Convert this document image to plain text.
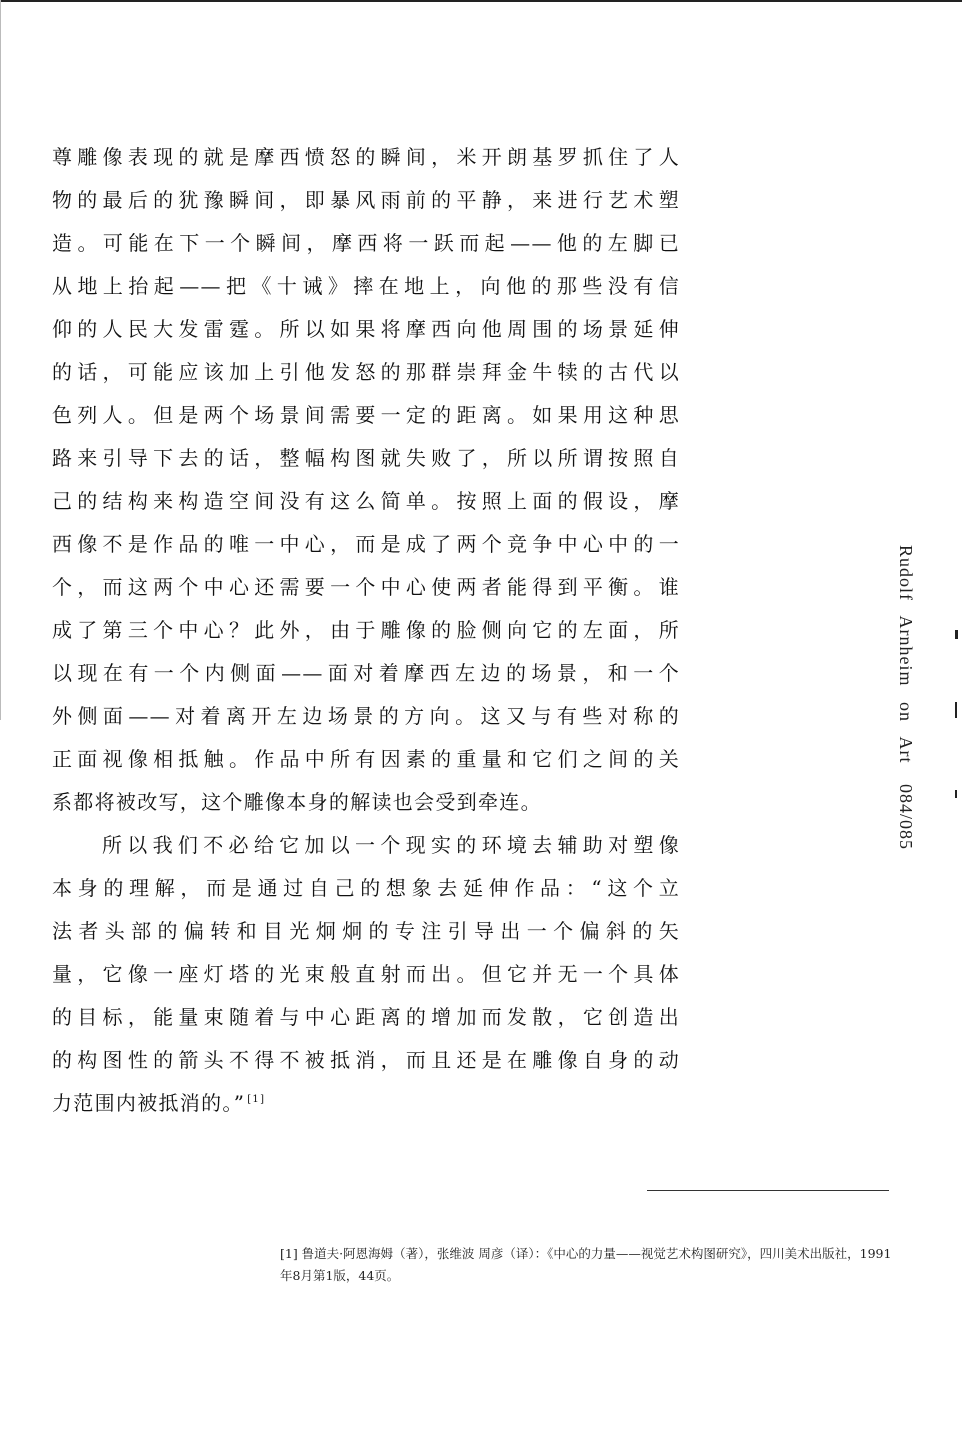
尊雕像表现的就是摩西愤怒的瞬间，米开朗基罗抓住了人
物的最后的犹豫瞬间，即暴风雨前的平静，来进行艺术塑
造。可能在下一个瞬间，摩西将一跃而起——他的左脚已
从地上抬起——把《十诫》摔在地上，向他的那些没有信
仰的人民大发雷霆。所以如果将摩西向他周围的场景延伸
的话，可能应该加上引他发怒的那群崇拜金牛犊的古代以
色列人。但是两个场景间需要一定的距离。如果用这种思
路来引导下去的话，整幅构图就失败了，所以所谓按照自
己的结构来构造空间没有这么简单。按照上面的假设，摩
西像不是作品的唯一中心，而是成了两个竞争中心中的一
个，而这两个中心还需要一个中心使两者能得到平衡。谁
成了第三个中心？此外，由于雕像的脸侧向它的左面，所
以现在有一个内侧面——面对着摩西左边的场景，和一个
外侧面——对着离开左边场景的方向。这又与有些对称的
正面视像相抵触。作品中所有因素的重量和它们之间的关
系都将被改写，这个雕像本身的解读也会受到牵连。
所以我们不必给它加以一个现实的环境去辅助对塑像
本身的理解，而是通过自己的想象去延伸作品：“这个立
法者头部的偏转和目光炯炯的专注引导出一个偏斜的矢
量，它像一座灯塔的光束般直射而出。但它并无一个具体
的目标，能量束随着与中心距离的增加而发散，它创造出
的构图性的箭头不得不被抵消，而且还是在雕像自身的动
力范围内被抵消的。” [1]
Rudolf Arnheim on Art084/085
[1] 鲁道夫·阿恩海姆（著），张维波 周彦（译）：《中心的力量——视觉艺术构图研究》，四川美术出版社，1991年8月第1版，44页。
